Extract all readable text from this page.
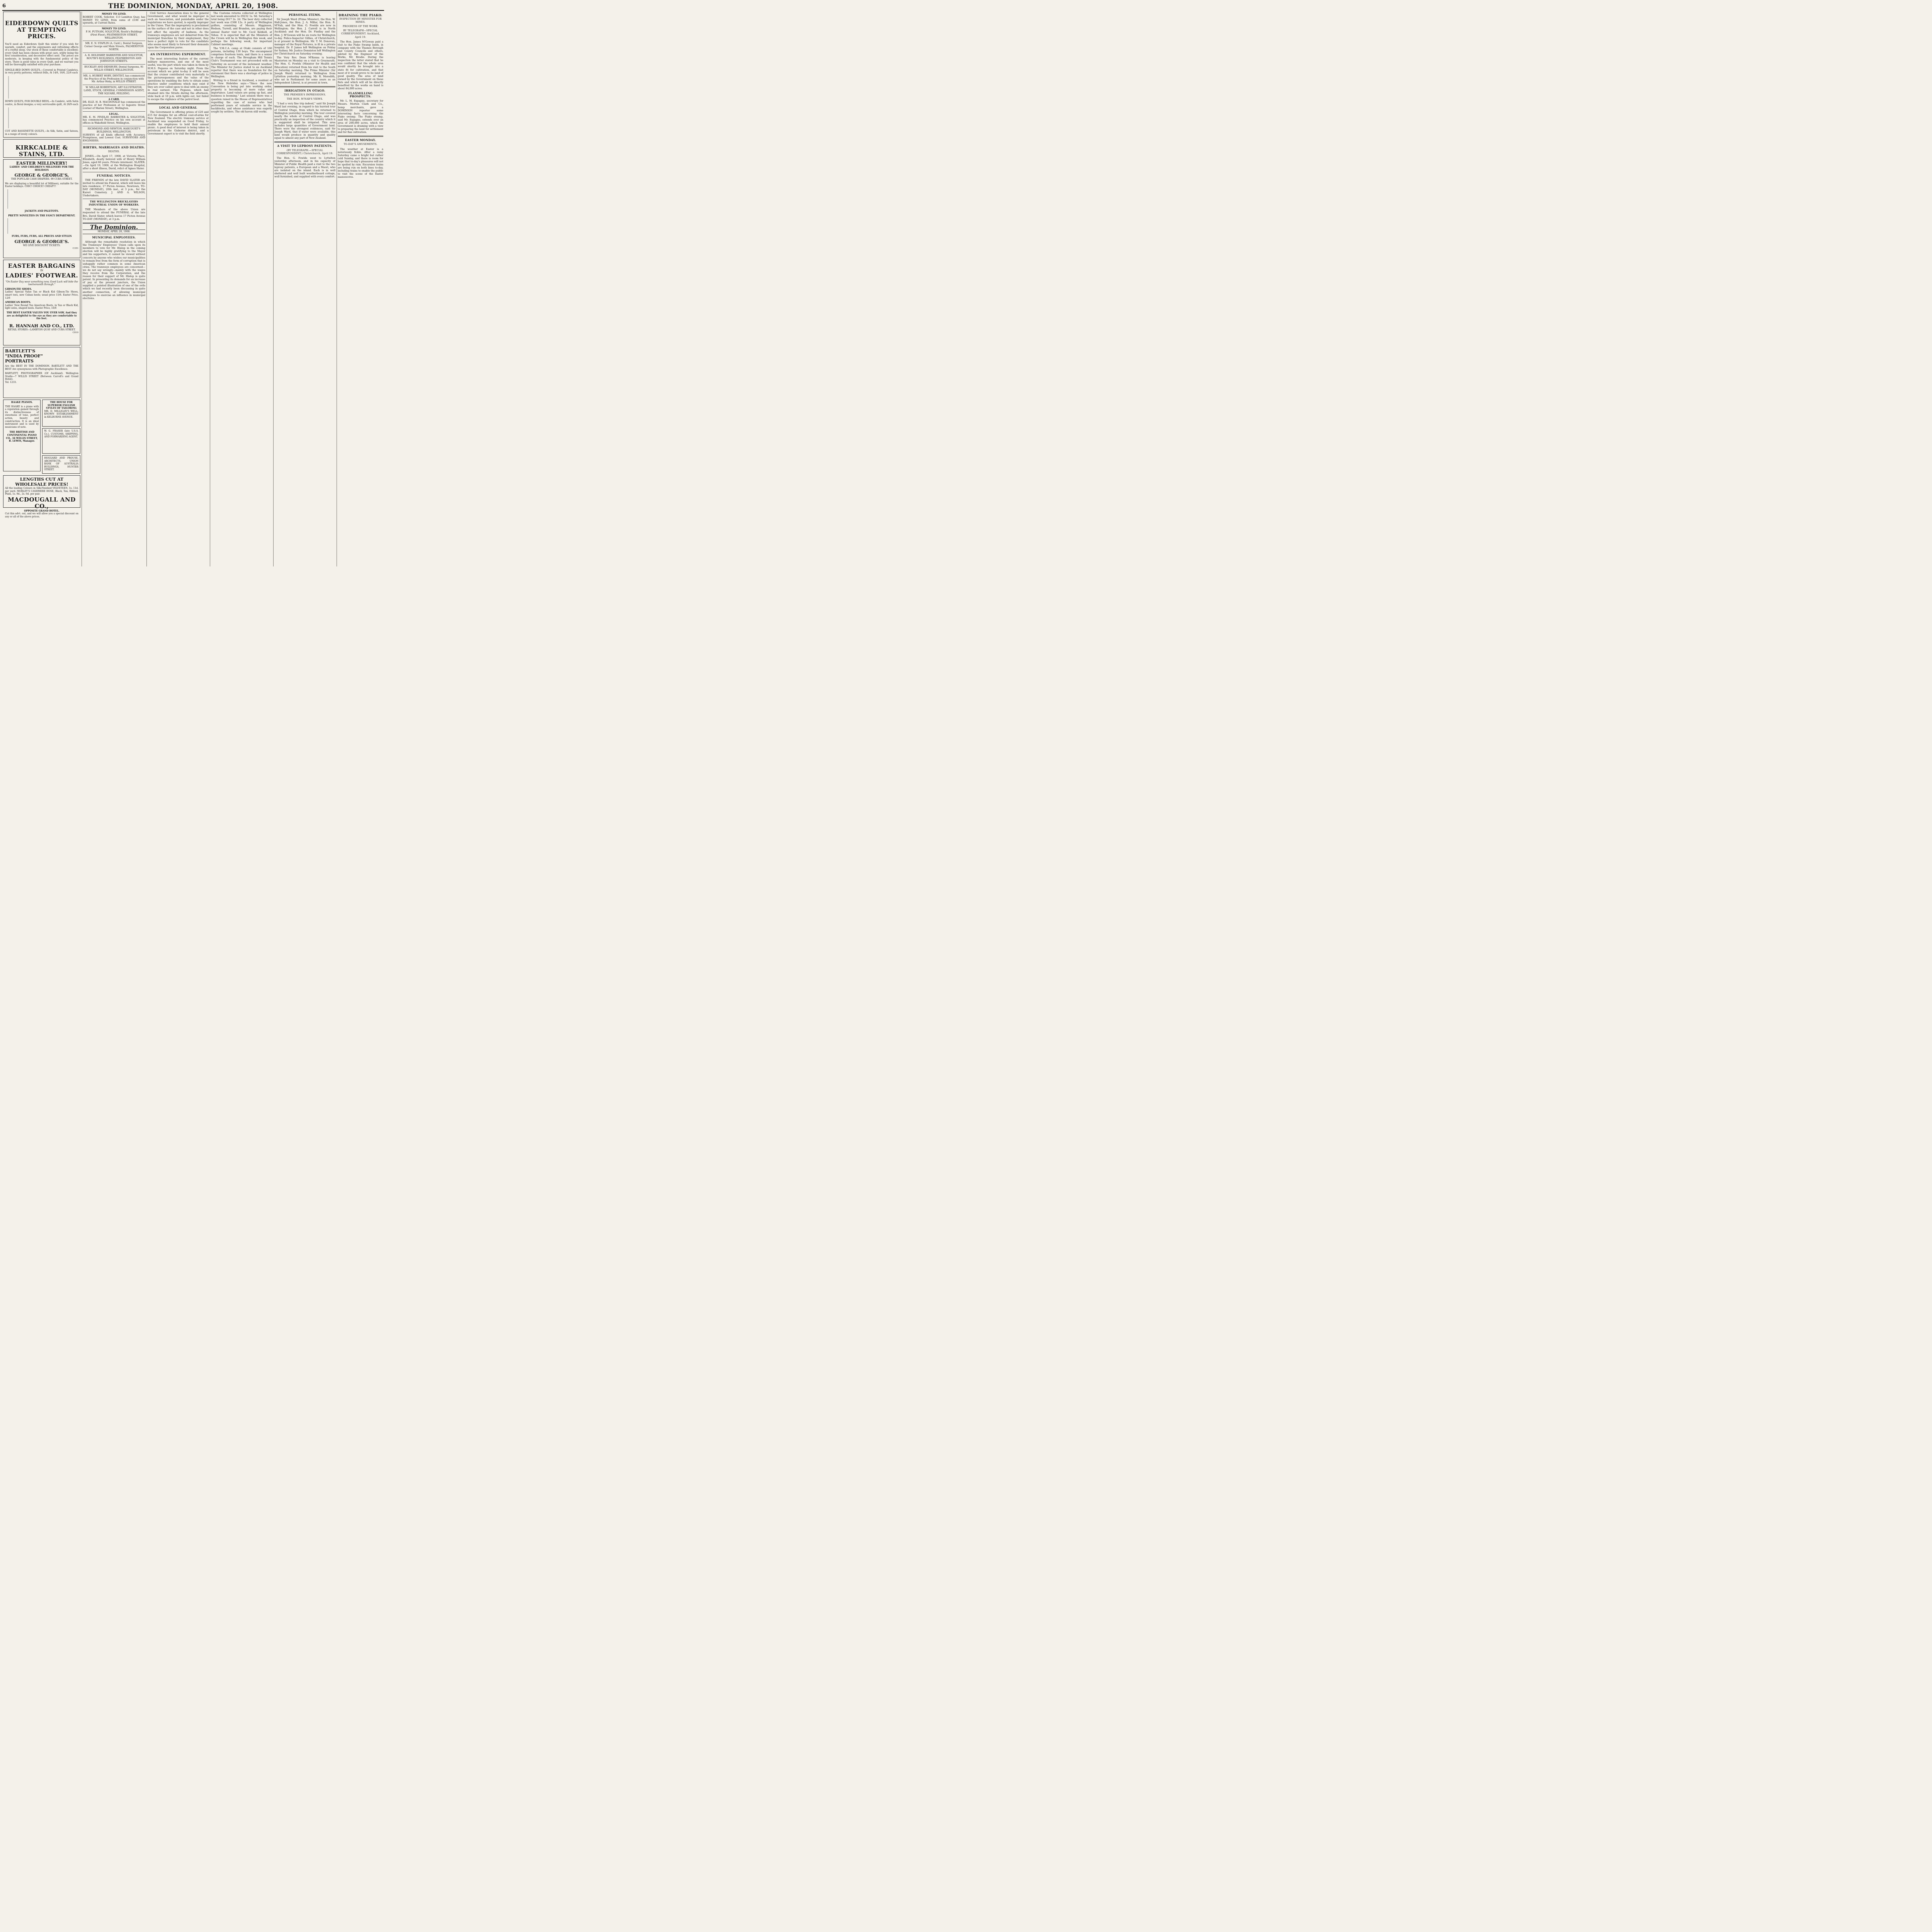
6	THE DOMINION, MONDAY, APRIL 20, 1908.
EIDERDOWN QUILTS
AT TEMPTING PRICES.
You'll need an Eiderdown Quilt this winter if you wish for warmth, comfort, and the enjoyments and refreshing effects of a restful sleep. Our stock of these comfortable is excellent; every Quilt has been chosen with great care, utility being the first consideration, and decorative effect next. The prices are moderate, in keeping with the fundamental policy of the store. There is good value in every Quilt, and we warrant you will be thoroughly satisfied with your purchase.
SINGLE-BED DOWN QUILTS,—Covered in Printed Cambrics, in very pretty patterns, without frills, At 14/6, 16/6, 22/6 each
DOWN QUILTS, FOR DOUBLE BEDS,—In Cambric, with Satin centre, in floral designs; a very serviceable quilt, At 26/9 each
COT AND BASSINETTE QUILTS,—In Silk, Satin, and Sateen, in a range of lovely colours.
KIRKCALDIE & STAINS, LTD.
EASTER MILLINERY!
LADIES' AND CHILDREN'S MILLINERY FOR THE HOLIDAYS
GEORGE & GEORGE'S,
THE POPULAR CASH DRAPERS. 99 CUBA STREET.
We are displaying a beautiful lot of Millinery, suitable for the Easter holidays. CHIC! CHOICE! CHEAP!!!
JACKETS AND PALETOTS.
PRETTY NOVELTIES IN THE FANCY DEPARTMENT.
FURS, FURS, FURS, ALL PRICES AND STYLES
GEORGE & GEORGE'S.
WE GIVE DISCOUNT TICKETS.
C351
EASTER BARGAINS
IN
LADIES' FOOTWEAR.
"On Easter Day wear something new, Good Luck will bide the twelvemonth through."
GIBSON-TIE SHOES.
Ladies' Special Value Tan or Black Kid Gibson-Tie Shoes, smart toes, new Cuban heels; usual price 15/6. Easter Price, 12/6
AMERICAN BOOTS.
Ladies' New Round Toe American Boots, in Tan or Black Kid, light soles, shaped heels. Easter Price, 16/6
THE BEST EASTER VALUES YOU EVER SAW, And they are as delightful to the eye as they are comfortable to the feet.
R. HANNAH AND CO., LTD.
RETAIL STORES—LAMBTON QUAY AND CUBA STREET.
C810
BARTLETT'S
"INDIA PROOF"
PORTRAITS
Are the BEST IN THE DOMINION. BARTLETT AND THE BEST Are synonymous with Photographic Excellence.
BARTLETT, PHOTOGRAPHER (Of Auckland). Wellington Studio—7 WILLIS STREET (Between Carroll's and Grand Hotel).
Tel. 1233.
HAAKE PIANOS.
THE HAAKE is a piano with a reputation gained through its distinctiveness of sweetness of tone, perfect action, beauty and construction. It is an ideal instrument and is used by musicians of note.
THE BRITISH AND CONTINENTAL PIANO CO., 34 WILLIS STREET, B. LEWIS, Manager.
THE HOUSE FOR SUPERIOR ENGLISH STYLES OF TAILORING
MR. D. MILLIGAN'S WELL-KNOWN ESTABLISHMENT in KELBURNE AVENUE.
W. G. FRASER (late U.S.S. Co.), CUSTOMS, SHIPPING, AND FORWARDING AGENT.
HOGGARD AND PROUSE, ARCHITECTS, UNION BANK OF AUSTRALIA BUILDINGS, HUNTER STREET.
LENGTHS CUT AT WHOLESALE PRICES!
All the leading Colours in Silk-Finished VELVETEEN, 1s. 11d. per yard. MORLEY'S CASHMERE HOSE, Black, Tan, Ribbed, Plain, 1s. 9d., 2s. 6d. per pair.
MACDOUGALL AND CO.,
OPPOSITE GRAND HOTEL.
Cut this advt. out, and we will allow you a special discount on any or all of the above prices.
MONEY TO LEND.
ROBERT COOK, Solicitor, 113 Lambton Quay, has MONEY TO LEND, from sums of £100 and upwards, at Current Rates.
MONEY TO LEND.
P. H. PUTNAM, SOLICITOR, Routh's Buildings (First Floor), FEATHERSTON STREET, WELLINGTON.
MR. E. N. STAPLIN (A. Card.), Dental Surgeon, Corner George and Main Streets, PALMERSTON NORTH.
A. R. HOLDSHIP, BARRISTER AND SOLICITOR, ROUTH'S BUILDINGS, FEATHERSTON AND JOHNSTON STREETS.
BUCKLEY AND DIDSBURY, Dental Surgeons, 91 WILLIS STREET, WELLINGTON.
MR. A. HUBERT HOBY, DENTIST, has commenced the Practice of his Profession in conjunction with Mr. Arthur Hoby, in WILLIS STREET.
W. MILLAR ROBERTSON, ART ILLUSTRATOR, LAND, STOCK, GENERAL COMMISSION AGENT, THE SQUARE, FEILDING.
A CARD.
DR. ELIZ. H. B. MACDONALD has commenced the practice of her Profession at 12 Ingestre Street (corner of Marion Street), Wellington.
LEGAL.
MR. E. M. FINDLAY, BARRISTER & SOLICITOR, has commenced Practice on his own account at offices in Wakefield Street, Wellington.
RICHMOND AND NEWTON, HARCOURT'S BUILDINGS, WELLINGTON.
SURVEYS of all kinds effected with Accuracy, Promptness, and Lowest Cost. SURVEYORS AND ENGINEERS.
BIRTHS, MARRIAGES AND DEATHS.
DEATHS.

JONES.—On April 17, 1908, at Victoria Place, Elizabeth, dearly beloved wife of Henry William Jones, aged 66 years. Private interment. SLATER.—On April 19, 1908, at the Wellington Hospital, after a short illness, David, relict of Agnes Slater.

FUNERAL NOTICES.

THE FRIENDS of the late DAVID SLATER are invited to attend his Funeral, which will leave his late residence, 17 Picton Avenue, Newtown, TO-DAY (MONDAY), 20th inst., at 3 p.m., for the Karori Cemetery. J. AND A. WILSON, Undertakers.

THE WELLINGTON BRICKLAYERS INDUSTRIAL UNION OF WORKERS.

THE Members of the above Union are requested to attend the FUNERAL of the late Bro. David Slater, which leaves 17 Picton Avenue TO-DAY (MONDAY), at 3 p.m.

The Dominion.
MONDAY, APRIL 20, 1908.
MUNICIPAL EMPLOYEES.

Although the remarkable resolution in which the Tramways' Employees' Union calls upon its members to vote for Mr. Hislop in the coming election will be highly gratifying to the Mayor and his supporters, it cannot be viewed without concern by anyone who wishes our municipalities to remain free from the form of corruption that is unhappily rather common in some American cities. The tramways employees are concerned—we do not say wrongly—mainly with the wages they receive from the Corporation, and the reason for their support of Mr. Hislop is quite patent. In presenting its demands for an increase of pay at the present juncture, the Union supplied a pointed illustration of one of the evils which we had recently been discussing in quite another connection, of allowing municipal employees to exercise an influence in municipal elections.

Civil Service Association does to the general Government, and what would be improper in such an Association, and punishable under the regulations we have quoted, is equally improper in the Union. That the impropriety is proclaimed on the surface of the case and not in other does not affect the equality of badness. As the tramways employees are not debarred from the municipal franchise by their employment, they have a perfect right to vote for the candidate who seems most likely to forward their demands upon the Corporation purse.

AN INTERESTING EXPERIMENT.

The most interesting feature of the current military manoeuvres, and one of the most useful, was the part which was taken in them by H.M.S. Pegasus on Saturday night. From the account which we print to-day it will be seen that the cruiser contributed very materially to the picturesqueness and the value of the operations by enabling the forts to obtain some practice under conditions which may exist if they are ever called upon to deal with an enemy in real earnest. The Pegasus, which had steamed into the Straits during the afternoon, stole back at 10 p.m. with lights out, but failed to escape the vigilance of the patrol boat.

LOCAL AND GENERAL

The Government is offering prizes of £20 and £15 for designs for an official coat-of-arms for New Zealand. The electric tramway service at Auckland was suspended on Good Friday, to enable the employees to hold their annual picnic. A good deal of interest is being taken in petroleum in the Gisborne district, and a Government expert is to visit the field shortly.

The Customs returns collected at Wellington last week amounted to £9232 1s. 9d. Saturday's total being £617 2s. 2d. The beer duty collected last week was £368 12s. A party of Wellington golfers, consisting of Messrs. Higginson, Hodson, Turrell, and Brandon, are paying their annual Easter visit to Mr. Cecil Kebbell, at Tehoe. It is expected that all the Ministers of the Crown will be in Wellington this week, and perhaps the following week, for important Cabinet meetings.

The Y.M.C.A. camp at Otaki consists of 160 persons, including 130 boys. The encampment comprises fourteen tents, and there is a senior in charge of each. The Brougham Hill Tennis Club's Tournament was not proceeded with on Saturday on account of the inclement weather. The Minister for Justice stated to an Auckland reporter that there was no foundation for the statement that there was a shortage of police in Wellington.

Writing to a friend in Auckland, a resident of the New Hebrides says:—"Since the new Convention is being put into working order, property is becoming of more value and importance. Land values are going up fast, and business is booming." Last session there was a question raised in the House of Representatives regarding the case of nurses who had performed years of valuable service in the backblocks, and whose assistance was eagerly sought by settlers. The old haven still works.

PERSONAL ITEMS.

Sir Joseph Ward (Prime Minister), the Hon. W. Hall-Jones, the Hon. J. A. Millar, the Hon. R. M'Nab, and the Hon. G. Fowlds are now in Wellington; the Hon. J. Carroll is in North Auckland; and the Hon. Dr. Findlay and the Hon. J. M'Gowan will be en route for Wellington to-day. Police-Inspector Gillies, of Christchurch, is at present in Wellington. Mr. T. M. Donovan, manager of the Royal Pictures, is ill in a private hospital. Dr. P. James left Wellington on Friday for Sydney. Mr. Justice Denniston left Wellington for Christchurch on Saturday evening.

The Very Rev. Dean M'Kenna is leaving Masterton on Monday on a visit to Greymouth. The Hon. G. Fowlds (Minister for Health and Education) returned from his visit to the South on Saturday morning. The Prime Minister (Sir Joseph Ward) returned to Wellington from Lyttelton yesterday morning. Mr. R. Meredith, who sat in Parliament for some years as an Independent Liberal, is at present in town.

IRRIGATION IN OTAGO.
THE PREMIER'S IMPRESSIONS.
THE HON. M'NAB'S VIEWS.

"I had a very fine trip indeed," said Sir Joseph Ward last evening, in regard to his hurried tour of Central Otago, from which he returned to Wellington yesterday morning. The tour covered nearly the whole of Central Otago, and was practically an inspection of the country which it is suggested shall be irrigated. This area includes large quantities of Government land. There were the strongest evidences, said Sir Joseph Ward, that if water were available, this land would produce in quantity and quality equal to almost any part of New Zealand.

A VISIT TO LEPROSY PATIENTS.
(BY TELEGRAPH.—SPECIAL CORRESPONDENT.) Christchurch, April 19.

The Hon. G. Fowlds went to Lyttelton yesterday afternoon, and in his capacity of Minister of Public Health paid a visit to the two leprosy patients, a European and a Maori, who are isolated on the island. Each is in well sheltered and well built weatherboard cottage, well furnished, and supplied with every comfort.

DRAINING THE PIAKO.
INSPECTION BY MINISTER FOR MINES.
PROGRESS OF THE WORK.
BY TELEGRAPH—SPECIAL CORRESPONDENT. Auckland, April 19.

The Hon. James M'Gowan paid a visit to the Piako Swamp lands, in company with the Thames Borough and County Councils and others, piloted by the Engineer of the Works, Mr. Brodie. During the inspection the latter stated that he was confident that the whole area would shortly be brought into a state fit for cultivation, and that most of it would prove to be land of good quality. The area of land owned by the Government on these flats and which will all be directly benefited by the works on hand is about 84,000 acres.

FLAXMILLING PROSPECTS.

Mr. L. M. Espagne, secretary for Messrs. Morton Clark and Co., hemp merchants, gave a DOMINION reporter some interesting facts concerning the Piako swamp. The Piako swamp, said Mr. Espagne, extends over an area of 200,000 acres, which the Government is draining with a view to preparing the land for settlement and for flax cultivation.

EASTER MONDAY.
TO-DAY'S AMUSEMENTS.

The weather at Easter is a notoriously fickle. After a rainy Saturday came a bright but rather cold Sunday, and there is room for hope that to-day's pleasures will not be spoiled by rain. Excursion trains are being run on both lines to-day, including trains to enable the public to visit the scene of the Easter manoeuvres.
